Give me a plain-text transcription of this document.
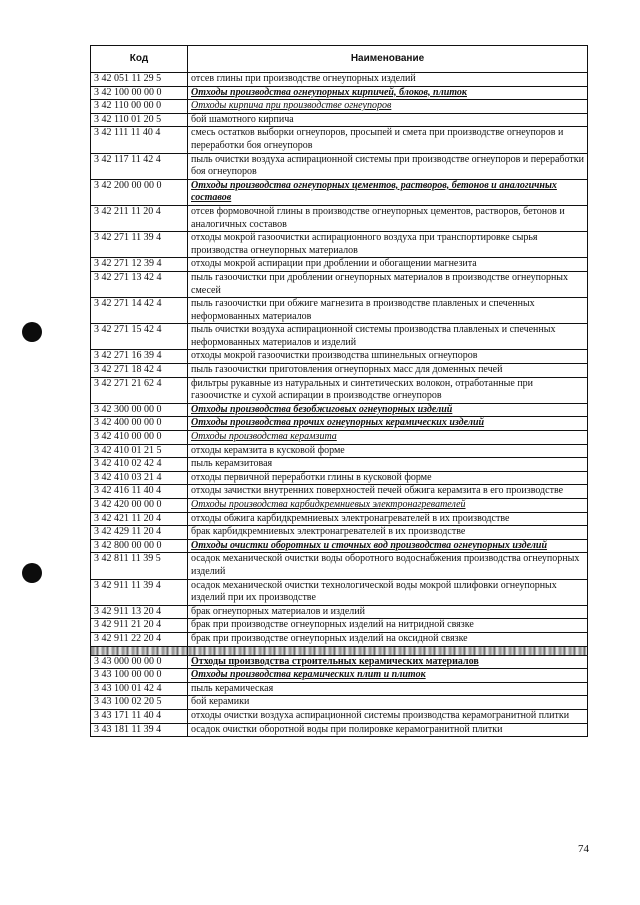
Код	Наименование
3 42 051 11 29 5	отсев глины при производстве огнеупорных изделий
3 42 100 00 00 0	Отходы производства огнеупорных кирпичей, блоков, плиток
3 42 110 00 00 0	Отходы кирпича при производстве огнеупоров
3 42 110 01 20 5	бой шамотного кирпича
3 42 111 11 40 4	смесь остатков выборки огнеупоров, просыпей и смета при производстве огнеупоров и переработки боя огнеупоров
3 42 117 11 42 4	пыль очистки воздуха аспирационной системы при производстве огнеупоров и переработки боя огнеупоров
3 42 200 00 00 0	Отходы производства огнеупорных цементов, растворов, бетонов и аналогичных составов
3 42 211 11 20 4	отсев формовочной глины в производстве огнеупорных цементов, растворов, бетонов и аналогичных составов
3 42 271 11 39 4	отходы мокрой газоочистки аспирационного воздуха при транспортировке сырья производства огнеупорных материалов
3 42 271 12 39 4	отходы мокрой аспирации при дроблении и обогащении магнезита
3 42 271 13 42 4	пыль газоочистки при дроблении огнеупорных материалов в производстве огнеупорных смесей
3 42 271 14 42 4	пыль газоочистки при обжиге магнезита в производстве плавленых и спеченных неформованных материалов
3 42 271 15 42 4	пыль очистки воздуха аспирационной системы производства плавленых и спеченных неформованных материалов и изделий
3 42 271 16 39 4	отходы мокрой газоочистки производства шпинельных огнеупоров
3 42 271 18 42 4	пыль газоочистки приготовления огнеупорных масс для доменных печей
3 42 271 21 62 4	фильтры рукавные из натуральных и синтетических волокон, отработанные при газоочистке и сухой аспирации в производстве огнеупоров
3 42 300 00 00 0	Отходы производства безобжиговых огнеупорных изделий
3 42 400 00 00 0	Отходы производства прочих огнеупорных керамических изделий
3 42 410 00 00 0	Отходы производства керамзита
3 42 410 01 21 5	отходы керамзита в кусковой форме
3 42 410 02 42 4	пыль керамзитовая
3 42 410 03 21 4	отходы первичной переработки глины в кусковой форме
3 42 416 11 40 4	отходы зачистки внутренних поверхностей печей обжига керамзита в его производстве
3 42 420 00 00 0	Отходы производства карбидкремниевых электронагревателей
3 42 421 11 20 4	отходы обжига карбидкремниевых электронагревателей в их производстве
3 42 429 11 20 4	брак карбидкремниевых электронагревателей в их производстве
3 42 800 00 00 0	Отходы очистки оборотных и сточных вод производства огнеупорных изделий
3 42 811 11 39 5	осадок механической очистки воды оборотного водоснабжения производства огнеупорных изделий
3 42 911 11 39 4	осадок механической очистки технологической воды мокрой шлифовки огнеупорных изделий при их производстве
3 42 911 13 20 4	брак огнеупорных материалов и изделий
3 42 911 21 20 4	брак при производстве огнеупорных изделий на нитридной связке
3 42 911 22 20 4	брак при производстве огнеупорных изделий на оксидной связке

3 43 000 00 00 0	Отходы производства строительных керамических материалов
3 43 100 00 00 0	Отходы производства керамических плит и плиток
3 43 100 01 42 4	пыль керамическая
3 43 100 02 20 5	бой керамики
3 43 171 11 40 4	отходы очистки воздуха аспирационной системы производства керамогранитной плитки
3 43 181 11 39 4	осадок очистки оборотной воды при полировке керамогранитной плитки
74
